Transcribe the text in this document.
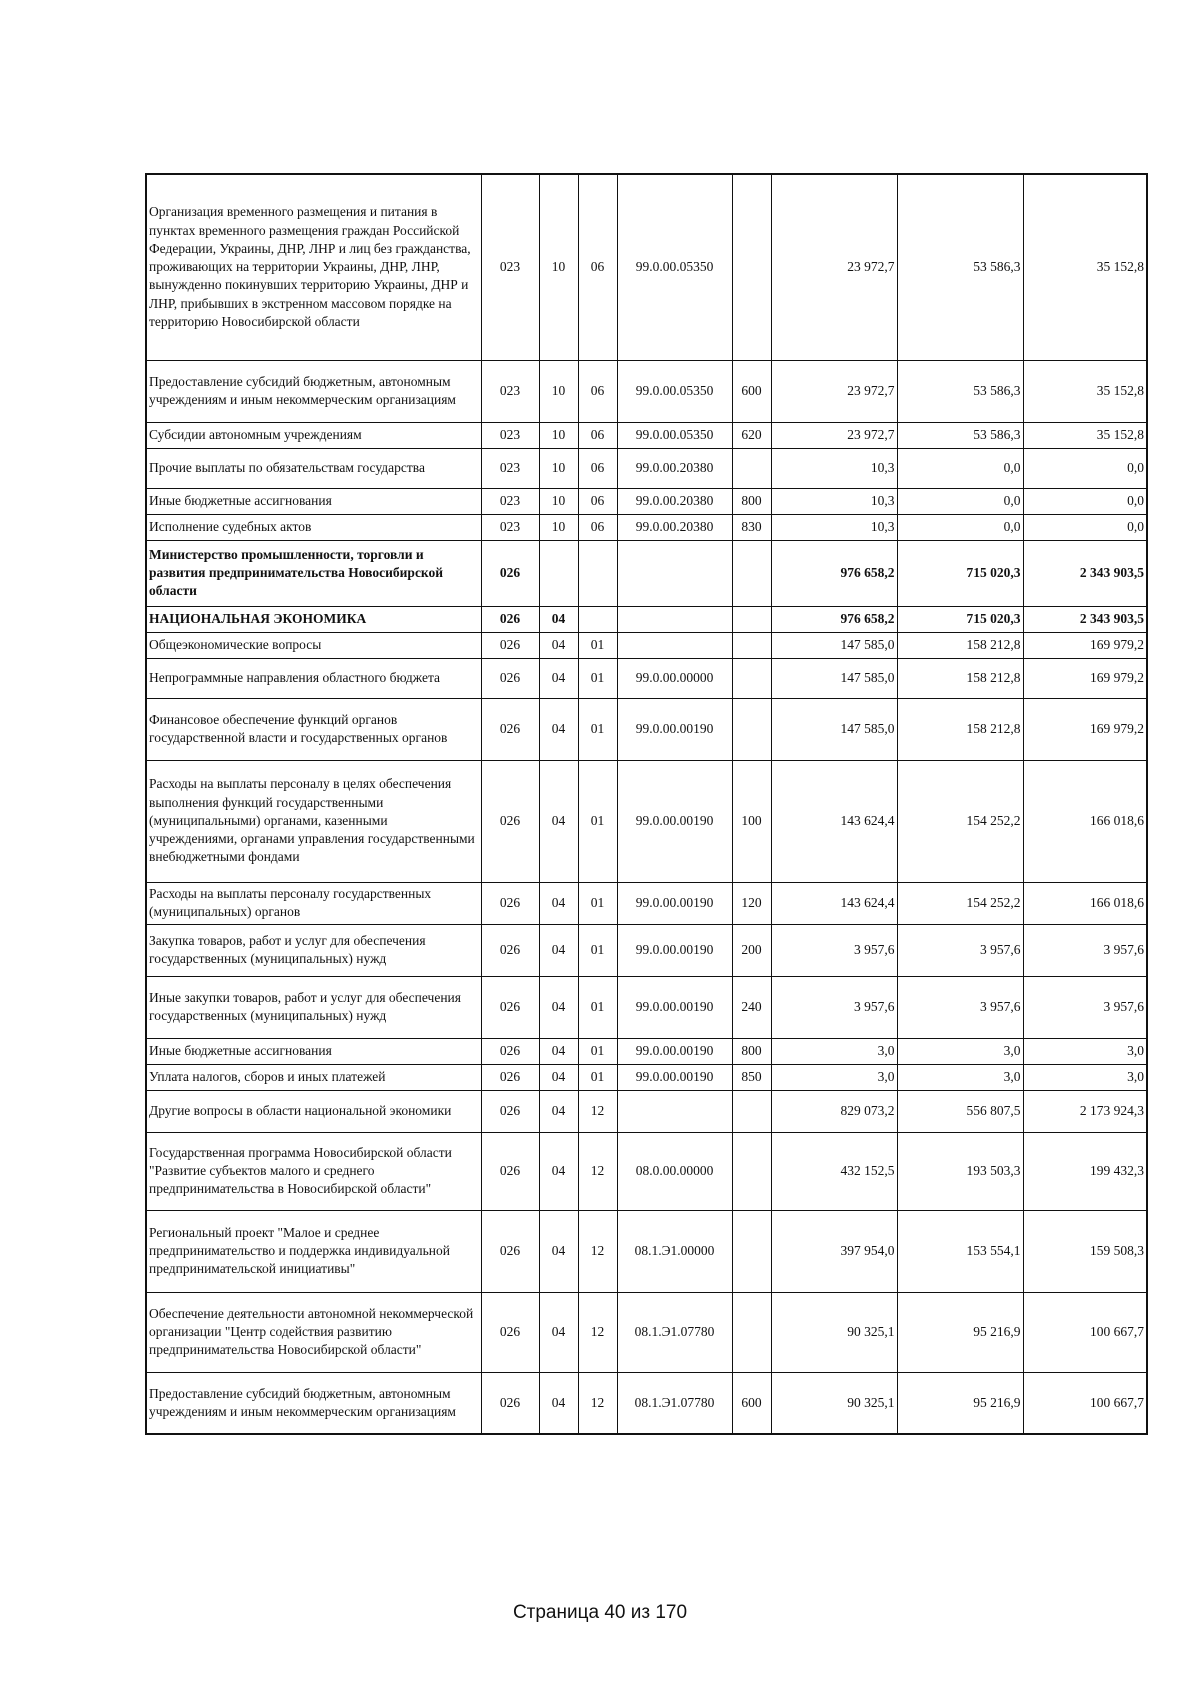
Организация временного размещения и питания в пунктах временного размещения граждан Российской Федерации, Украины, ДНР, ЛНР и лиц без гражданства, проживающих на территории Украины, ДНР, ЛНР, вынужденно покинувших территорию Украины, ДНР и ЛНР, прибывших в экстренном массовом порядке на территорию Новосибирской области	023	10	06	99.0.00.05350		23 972,7	53 586,3	35 152,8
Предоставление субсидий бюджетным, автономным учреждениям и иным некоммерческим организациям	023	10	06	99.0.00.05350	600	23 972,7	53 586,3	35 152,8
Субсидии автономным учреждениям	023	10	06	99.0.00.05350	620	23 972,7	53 586,3	35 152,8
Прочие выплаты по обязательствам государства	023	10	06	99.0.00.20380		10,3	0,0	0,0
Иные бюджетные ассигнования	023	10	06	99.0.00.20380	800	10,3	0,0	0,0
Исполнение судебных актов	023	10	06	99.0.00.20380	830	10,3	0,0	0,0
Министерство промышленности, торговли и развития предпринимательства Новосибирской области	026					976 658,2	715 020,3	2 343 903,5
НАЦИОНАЛЬНАЯ ЭКОНОМИКА	026	04				976 658,2	715 020,3	2 343 903,5
Общеэкономические вопросы	026	04	01			147 585,0	158 212,8	169 979,2
Непрограммные направления областного бюджета	026	04	01	99.0.00.00000		147 585,0	158 212,8	169 979,2
Финансовое обеспечение функций органов государственной власти и государственных органов	026	04	01	99.0.00.00190		147 585,0	158 212,8	169 979,2
Расходы на выплаты персоналу в целях обеспечения выполнения функций государственными (муниципальными) органами, казенными учреждениями, органами управления государственными внебюджетными фондами	026	04	01	99.0.00.00190	100	143 624,4	154 252,2	166 018,6
Расходы на выплаты персоналу государственных (муниципальных) органов	026	04	01	99.0.00.00190	120	143 624,4	154 252,2	166 018,6
Закупка товаров, работ и услуг для обеспечения государственных (муниципальных) нужд	026	04	01	99.0.00.00190	200	3 957,6	3 957,6	3 957,6
Иные закупки товаров, работ и услуг для обеспечения государственных (муниципальных) нужд	026	04	01	99.0.00.00190	240	3 957,6	3 957,6	3 957,6
Иные бюджетные ассигнования	026	04	01	99.0.00.00190	800	3,0	3,0	3,0
Уплата налогов, сборов и иных платежей	026	04	01	99.0.00.00190	850	3,0	3,0	3,0
Другие вопросы в области национальной экономики	026	04	12			829 073,2	556 807,5	2 173 924,3
Государственная программа Новосибирской области "Развитие субъектов малого и среднего предпринимательства в Новосибирской области"	026	04	12	08.0.00.00000		432 152,5	193 503,3	199 432,3
Региональный проект "Малое и среднее предпринимательство и поддержка индивидуальной предпринимательской инициативы"	026	04	12	08.1.Э1.00000		397 954,0	153 554,1	159 508,3
Обеспечение деятельности автономной некоммерческой организации "Центр содействия развитию предпринимательства Новосибирской области"	026	04	12	08.1.Э1.07780		90 325,1	95 216,9	100 667,7
Предоставление субсидий бюджетным, автономным учреждениям и иным некоммерческим организациям	026	04	12	08.1.Э1.07780	600	90 325,1	95 216,9	100 667,7
Страница 40 из 170
